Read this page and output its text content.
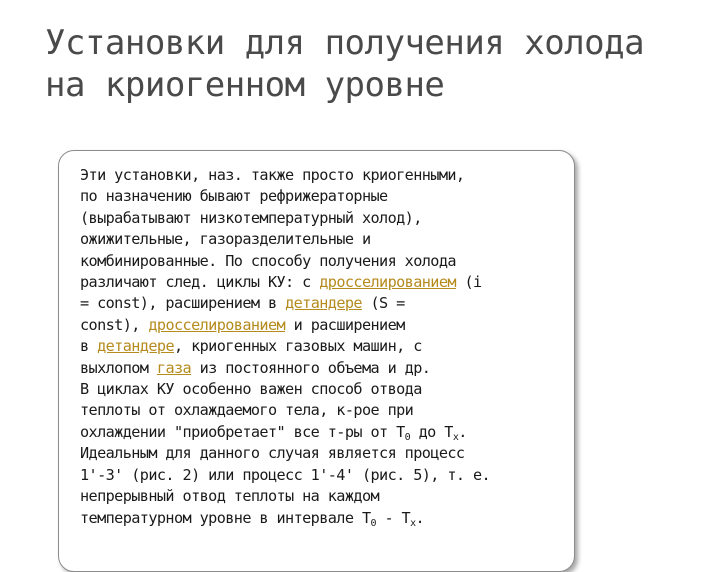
Установки для получения холода
на криогенном уровне
Эти установки, наз. также просто криогенными,
по назначению бывают рефрижераторные
(вырабатывают низкотемпературный холод),
ожижительные, газоразделительные и
комбинированные. По способу получения холода
различают след. циклы КУ: с дросселированием (i
= const), расширением в детандере (S =
const), дросселированием и расширением
в детандере, криогенных газовых машин, с
выхлопом газа из постоянного объема и др.
В циклах КУ особенно важен способ отвода
теплоты от охлаждаемого тела, к-рое при
охлаждении "приобретает" все т-ры от $T_0$ до $T_x$.
Идеальным для данного случая является процесс
1'-3' (рис. 2) или процесс 1'-4' (рис. 5), т. е.
непрерывный отвод теплоты на каждом
температурном уровне в интервале $T_0 - T_x$.
